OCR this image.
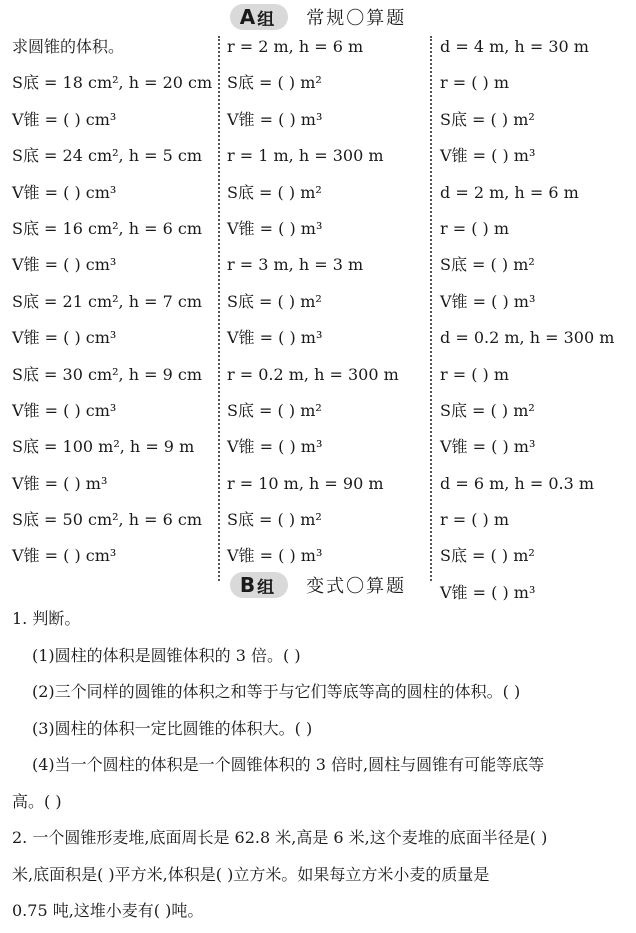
A 组 常规〇算题
求圆锥的体积。
S底 = 18 cm², h = 20 cm
V锥 = ( ) cm³
S底 = 24 cm², h = 5 cm
V锥 = ( ) cm³
S底 = 16 cm², h = 6 cm
V锥 = ( ) cm³
S底 = 21 cm², h = 7 cm
V锥 = ( ) cm³
S底 = 30 cm², h = 9 cm
V锥 = ( ) cm³
S底 = 100 m², h = 9 m
V锥 = ( ) m³
S底 = 50 cm², h = 6 cm
V锥 = ( ) cm³
r = 2 m, h = 6 m
S底 = ( ) m²
V锥 = ( ) m³
r = 1 m, h = 300 m
S底 = ( ) m²
V锥 = ( ) m³
r = 3 m, h = 3 m
S底 = ( ) m²
V锥 = ( ) m³
r = 0.2 m, h = 300 m
S底 = ( ) m²
V锥 = ( ) m³
r = 10 m, h = 90 m
S底 = ( ) m²
V锥 = ( ) m³
d = 4 m, h = 30 m
r = ( ) m
S底 = ( ) m²
V锥 = ( ) m³
d = 2 m, h = 6 m
r = ( ) m
S底 = ( ) m²
V锥 = ( ) m³
d = 0.2 m, h = 300 m
r = ( ) m
S底 = ( ) m²
V锥 = ( ) m³
d = 6 m, h = 0.3 m
r = ( ) m
S底 = ( ) m²
V锥 = ( ) m³
B 组 变式〇算题
1. 判断。
(1)圆柱的体积是圆锥体积的 3 倍。( )
(2)三个同样的圆锥的体积之和等于与它们等底等高的圆柱的体积。( )
(3)圆柱的体积一定比圆锥的体积大。( )
(4)当一个圆柱的体积是一个圆锥体积的 3 倍时,圆柱与圆锥有可能等底等
高。( )
2. 一个圆锥形麦堆,底面周长是 62.8 米,高是 6 米,这个麦堆的底面半径是( )
米,底面积是( )平方米,体积是( )立方米。如果每立方米小麦的质量是
0.75 吨,这堆小麦有( )吨。
